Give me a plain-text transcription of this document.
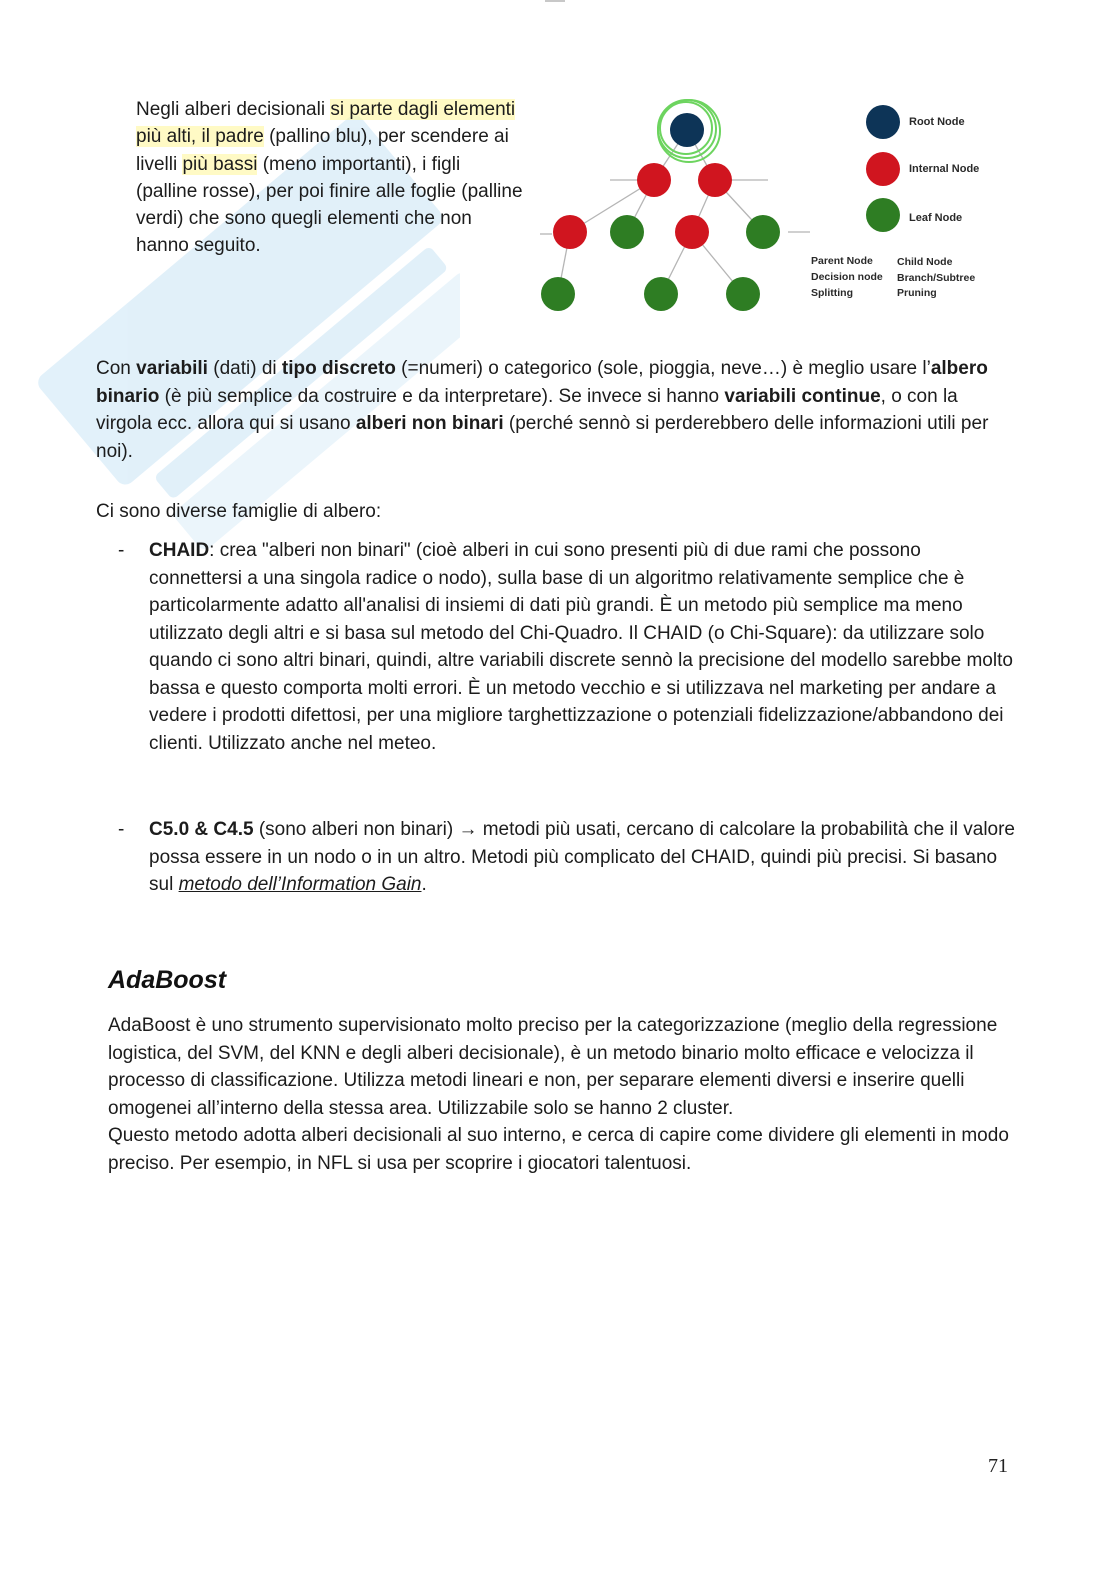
Negli alberi decisionali si parte dagli elementi più alti, il padre (pallino blu), per scendere ai livelli più bassi (meno importanti), i figli (palline rosse), per poi finire alle foglie (palline verdi) che sono quegli elementi che non hanno seguito.

Root Node
Internal Node
Leaf Node
Parent Node
Decision node
Splitting
Child Node
Branch/Subtree
Pruning

Con variabili (dati) di tipo discreto (=numeri) o categorico (sole, pioggia, neve…) è meglio usare l’albero binario (è più semplice da costruire e da interpretare). Se invece si hanno variabili continue, o con la virgola ecc. allora qui si usano alberi non binari (perché sennò si perderebbero delle informazioni utili per noi).

Ci sono diverse famiglie di albero:

- CHAID: crea "alberi non binari" (cioè alberi in cui sono presenti più di due rami che possono connettersi a una singola radice o nodo), sulla base di un algoritmo relativamente semplice che è particolarmente adatto all'analisi di insiemi di dati più grandi. È un metodo più semplice ma meno utilizzato degli altri e si basa sul metodo del Chi-Quadro. Il CHAID (o Chi-Square): da utilizzare solo quando ci sono altri binari, quindi, altre variabili discrete sennò la precisione del modello sarebbe molto bassa e questo comporta molti errori. È un metodo vecchio e si utilizzava nel marketing per andare a vedere i prodotti difettosi, per una migliore targhettizzazione o potenziali fidelizzazione/abbandono dei clienti. Utilizzato anche nel meteo.

- C5.0 & C4.5 (sono alberi non binari) → metodi più usati, cercano di calcolare la probabilità che il valore possa essere in un nodo o in un altro. Metodi più complicato del CHAID, quindi più precisi. Si basano sul metodo dell’Information Gain.

AdaBoost

AdaBoost è uno strumento supervisionato molto preciso per la categorizzazione (meglio della regressione logistica, del SVM, del KNN e degli alberi decisionale), è un metodo binario molto efficace e velocizza il processo di classificazione. Utilizza metodi lineari e non, per separare elementi diversi e inserire quelli omogenei all’interno della stessa area. Utilizzabile solo se hanno 2 cluster.

Questo metodo adotta alberi decisionali al suo interno, e cerca di capire come dividere gli elementi in modo preciso. Per esempio, in NFL si usa per scoprire i giocatori talentuosi.

71
